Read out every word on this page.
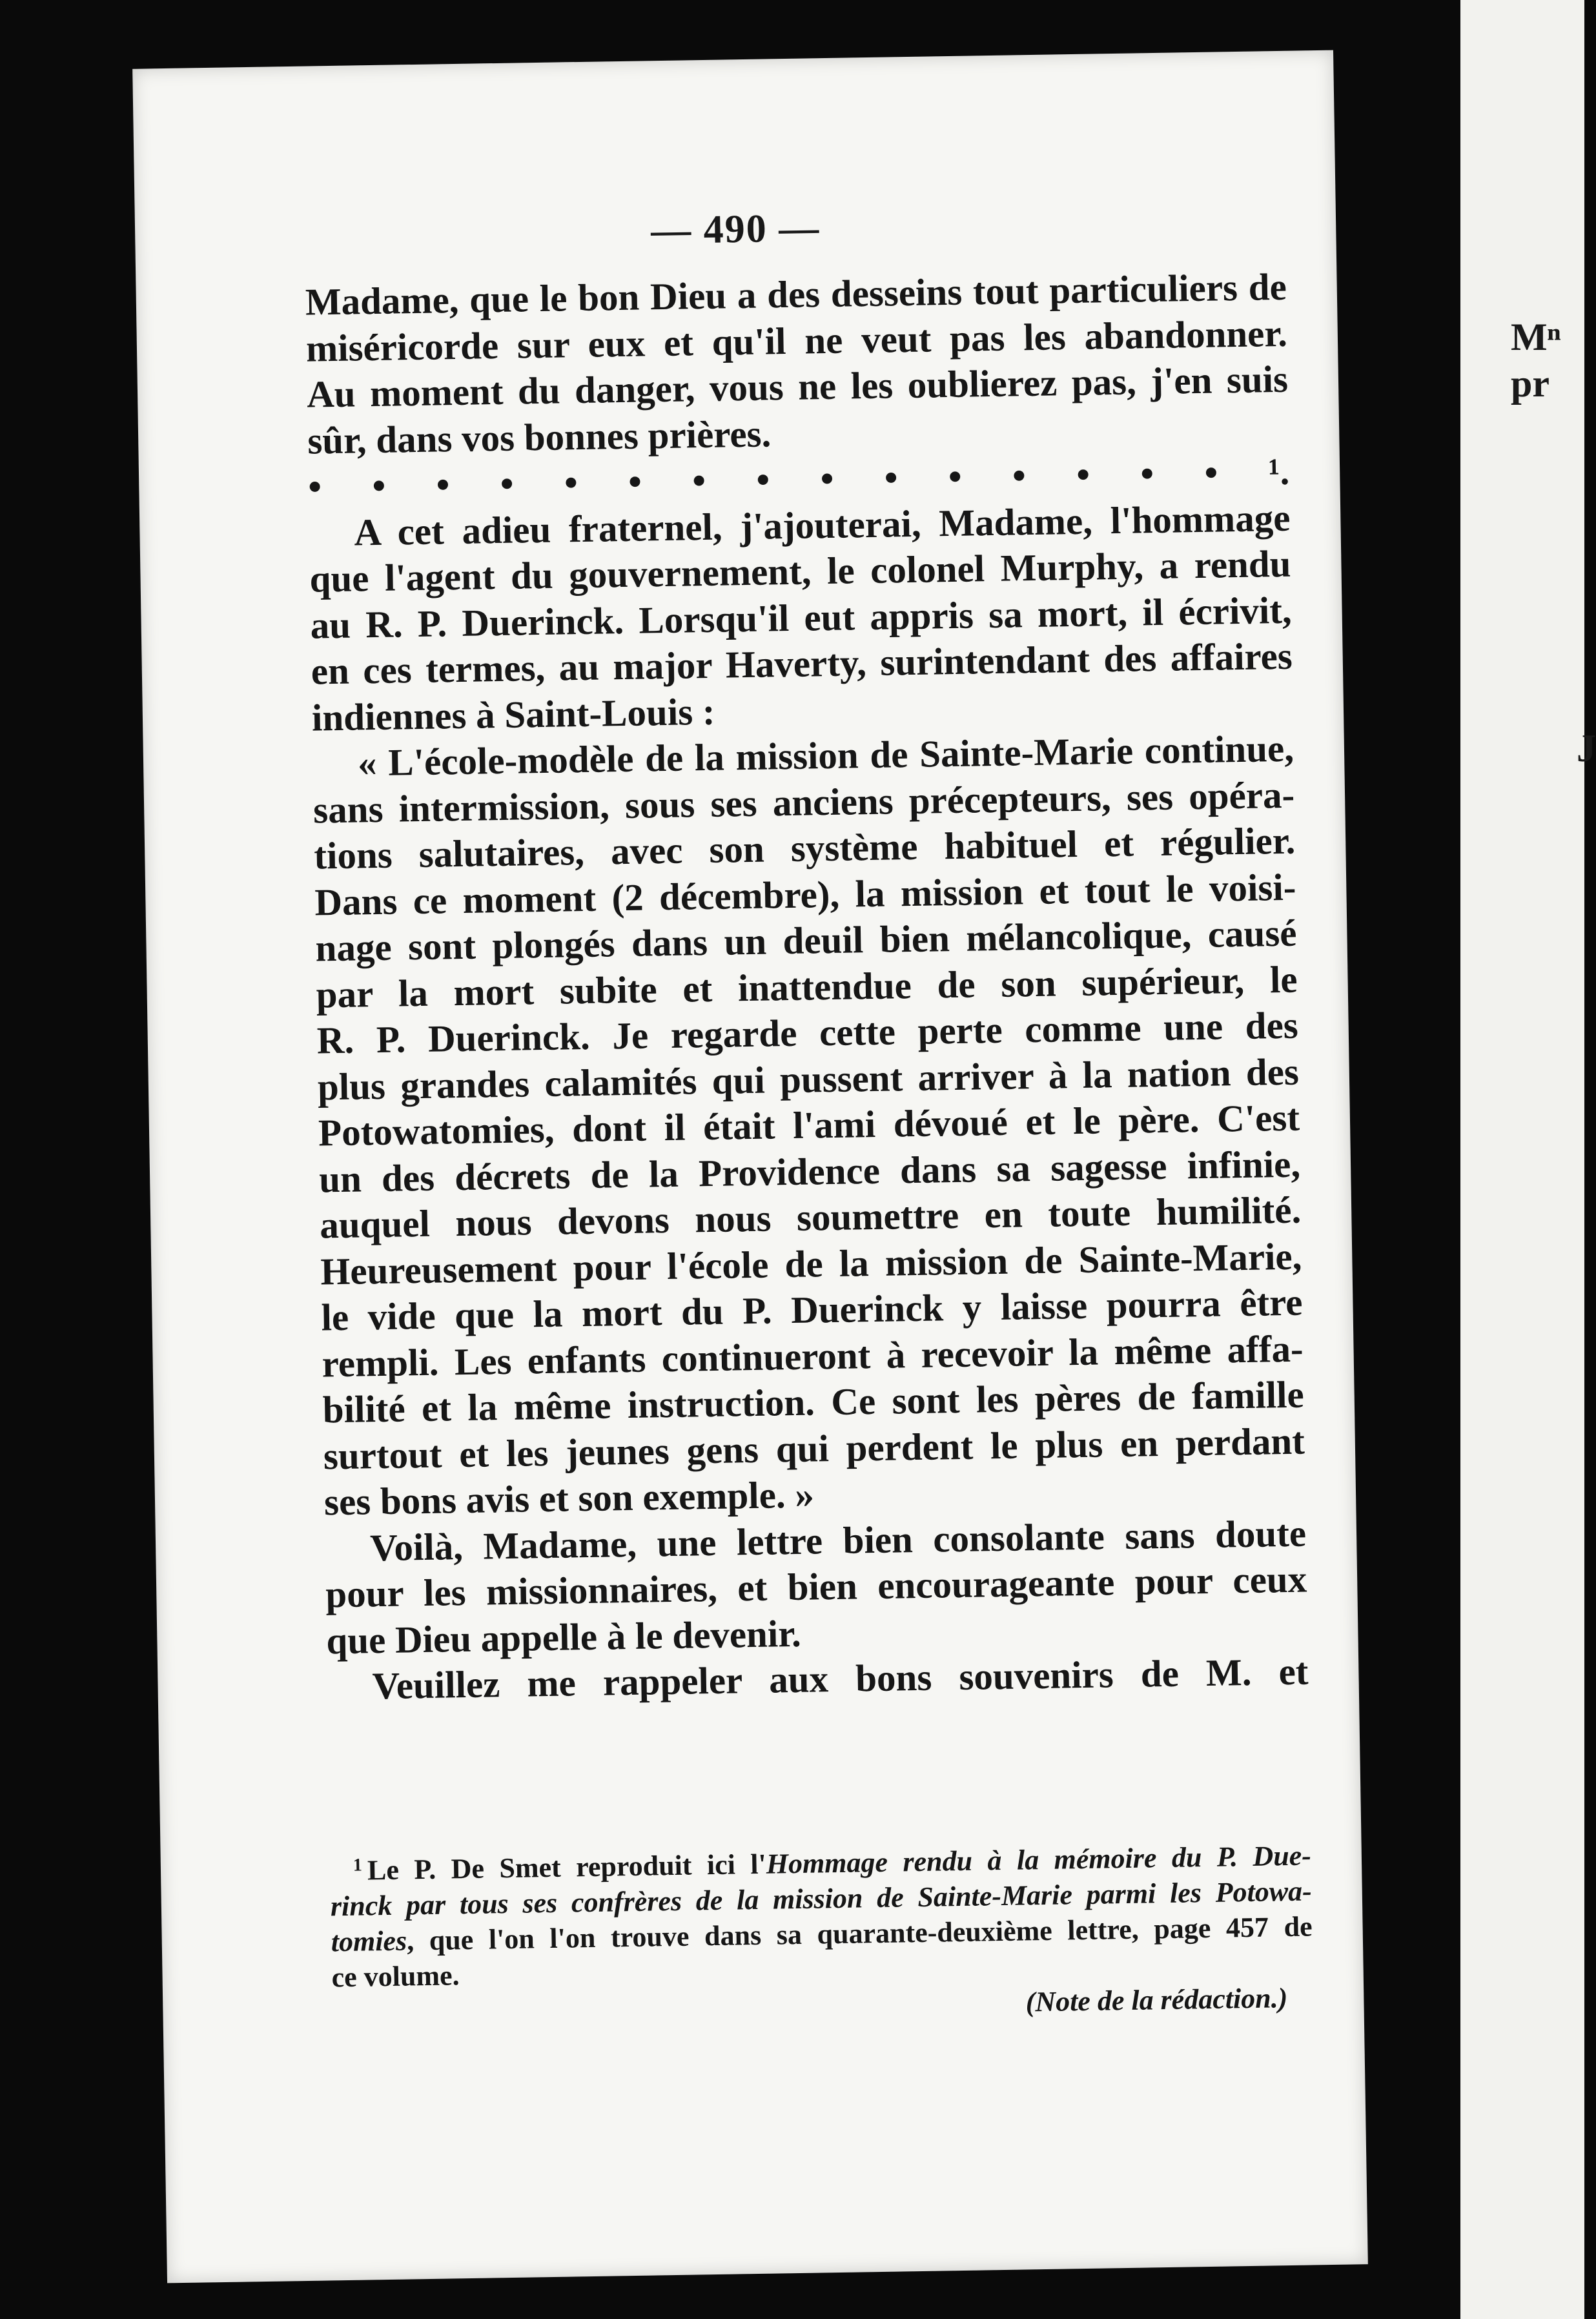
— 490 —
Madame, que le bon Dieu a des desseins tout particuliers de
miséricorde sur eux et qu'il ne veut pas les abandonner.
Au moment du danger, vous ne les oublierez pas, j'en suis
sûr, dans vos bonnes prières.
• • • • • • • • • • • • • • • ¹.
A cet adieu fraternel, j'ajouterai, Madame, l'hommage
que l'agent du gouvernement, le colonel Murphy, a rendu
au R. P. Duerinck. Lorsqu'il eut appris sa mort, il écrivit,
en ces termes, au major Haverty, surintendant des affaires
indiennes à Saint-Louis :
« L'école-modèle de la mission de Sainte-Marie continue,
sans intermission, sous ses anciens précepteurs, ses opéra-
tions salutaires, avec son système habituel et régulier.
Dans ce moment (2 décembre), la mission et tout le voisi-
nage sont plongés dans un deuil bien mélancolique, causé
par la mort subite et inattendue de son supérieur, le
R. P. Duerinck. Je regarde cette perte comme une des
plus grandes calamités qui pussent arriver à la nation des
Potowatomies, dont il était l'ami dévoué et le père. C'est
un des décrets de la Providence dans sa sagesse infinie,
auquel nous devons nous soumettre en toute humilité.
Heureusement pour l'école de la mission de Sainte-Marie,
le vide que la mort du P. Duerinck y laisse pourra être
rempli. Les enfants continueront à recevoir la même affa-
bilité et la même instruction. Ce sont les pères de famille
surtout et les jeunes gens qui perdent le plus en perdant
ses bons avis et son exemple. »
Voilà, Madame, une lettre bien consolante sans doute
pour les missionnaires, et bien encourageante pour ceux
que Dieu appelle à le devenir.
Veuillez me rappeler aux bons souvenirs de M. et
$^1$ Le P. De Smet reproduit ici l'Hommage rendu à la mémoire du P. Due-
rinck par tous ses confrères de la mission de Sainte-Marie parmi les Potowa-
tomies, que l'on l'on trouve dans sa quarante-deuxième lettre, page 457 de
ce volume.
(Note de la rédaction.)
Mⁿ
pr
J
